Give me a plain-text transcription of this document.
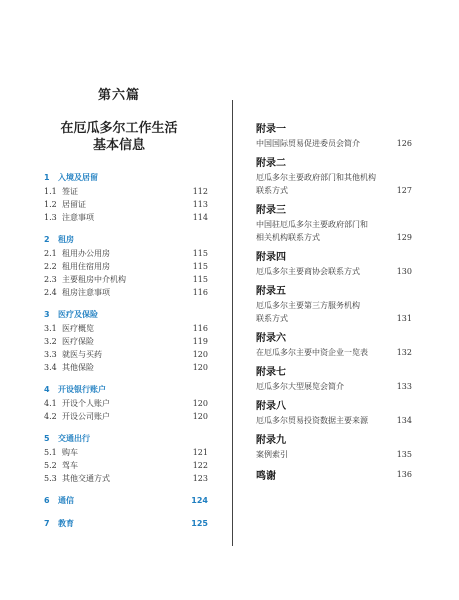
第六篇
在厄瓜多尔工作生活
基本信息
1	入境及居留
1.1 签证	112
1.2 居留证	113
1.3 注意事项	114
2	租房
2.1 租用办公用房	115
2.2 租用住宿用房	115
2.3 主要租房中介机构	115
2.4 租房注意事项	116
3	医疗及保险
3.1 医疗概览	116
3.2 医疗保险	119
3.3 就医与买药	120
3.4 其他保险	120
4	开设银行账户
4.1 开设个人账户	120
4.2 开设公司账户	120
5	交通出行
5.1 购车	121
5.2 驾车	122
5.3 其他交通方式	123
6	通信	124
7	教育	125
附录一
中国国际贸易促进委员会简介	126
附录二
厄瓜多尔主要政府部门和其他机构
联系方式	127
附录三
中国驻厄瓜多尔主要政府部门和
相关机构联系方式	129
附录四
厄瓜多尔主要商协会联系方式	130
附录五
厄瓜多尔主要第三方服务机构
联系方式	131
附录六
在厄瓜多尔主要中资企业一览表	132
附录七
厄瓜多尔大型展览会简介	133
附录八
厄瓜多尔贸易投资数据主要来源	134
附录九
案例索引	135
鸣谢	136
